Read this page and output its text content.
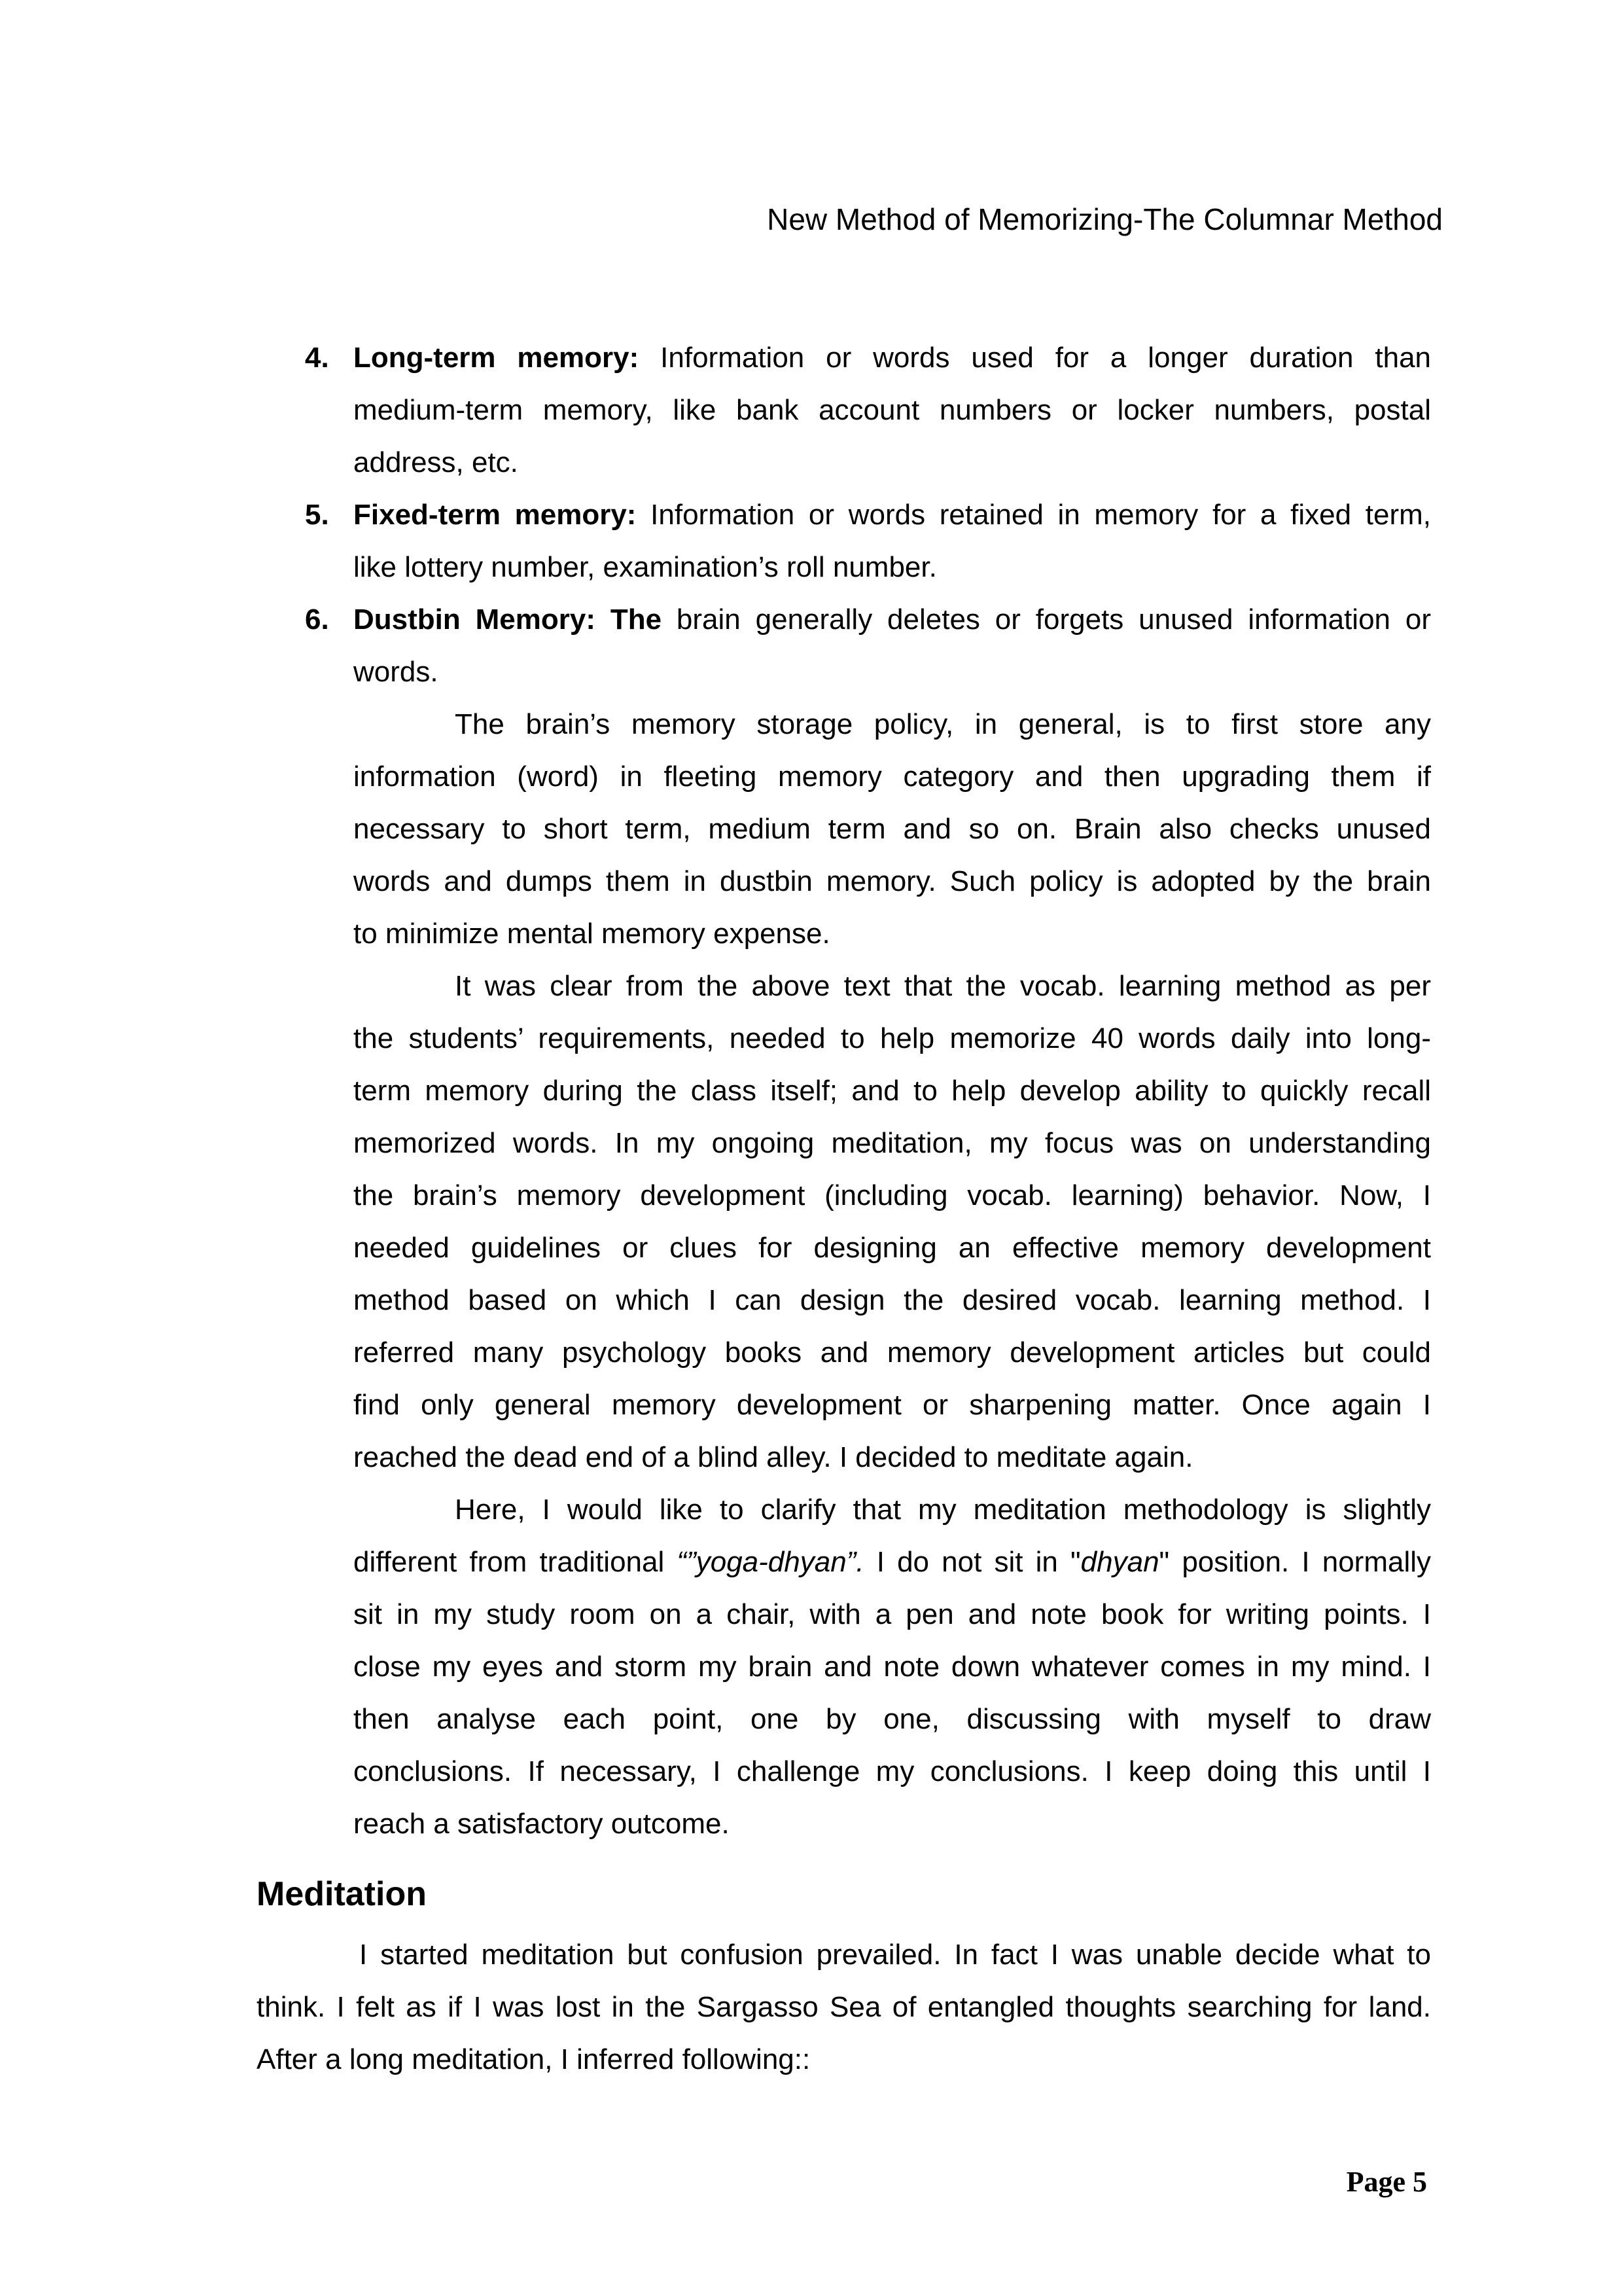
New Method of Memorizing-The Columnar Method
4. Long-term memory: Information or words used for a longer duration than
medium-term memory, like bank account numbers or locker numbers, postal
address, etc.
5. Fixed-term memory: Information or words retained in memory for a fixed term,
like lottery number, examination’s roll number.
6. Dustbin Memory: The brain generally deletes or forgets unused information or
words.
The brain’s memory storage policy, in general, is to first store any
information (word) in fleeting memory category and then upgrading them if
necessary to short term, medium term and so on. Brain also checks unused
words and dumps them in dustbin memory. Such policy is adopted by the brain
to minimize mental memory expense.
It was clear from the above text that the vocab. learning method as per
the students’ requirements, needed to help memorize 40 words daily into long-
term memory during the class itself; and to help develop ability to quickly recall
memorized words. In my ongoing meditation, my focus was on understanding
the brain’s memory development (including vocab. learning) behavior. Now, I
needed guidelines or clues for designing an effective memory development
method based on which I can design the desired vocab. learning method. I
referred many psychology books and memory development articles but could
find only general memory development or sharpening matter. Once again I
reached the dead end of a blind alley. I decided to meditate again.
Here, I would like to clarify that my meditation methodology is slightly
different from traditional “”yoga-dhyan”. I do not sit in "dhyan" position. I normally
sit in my study room on a chair, with a pen and note book for writing points. I
close my eyes and storm my brain and note down whatever comes in my mind. I
then analyse each point, one by one, discussing with myself to draw
conclusions. If necessary, I challenge my conclusions. I keep doing this until I
reach a satisfactory outcome.
Meditation
I started meditation but confusion prevailed. In fact I was unable decide what to
think. I felt as if I was lost in the Sargasso Sea of entangled thoughts searching for land.
After a long meditation, I inferred following::
Page 5
